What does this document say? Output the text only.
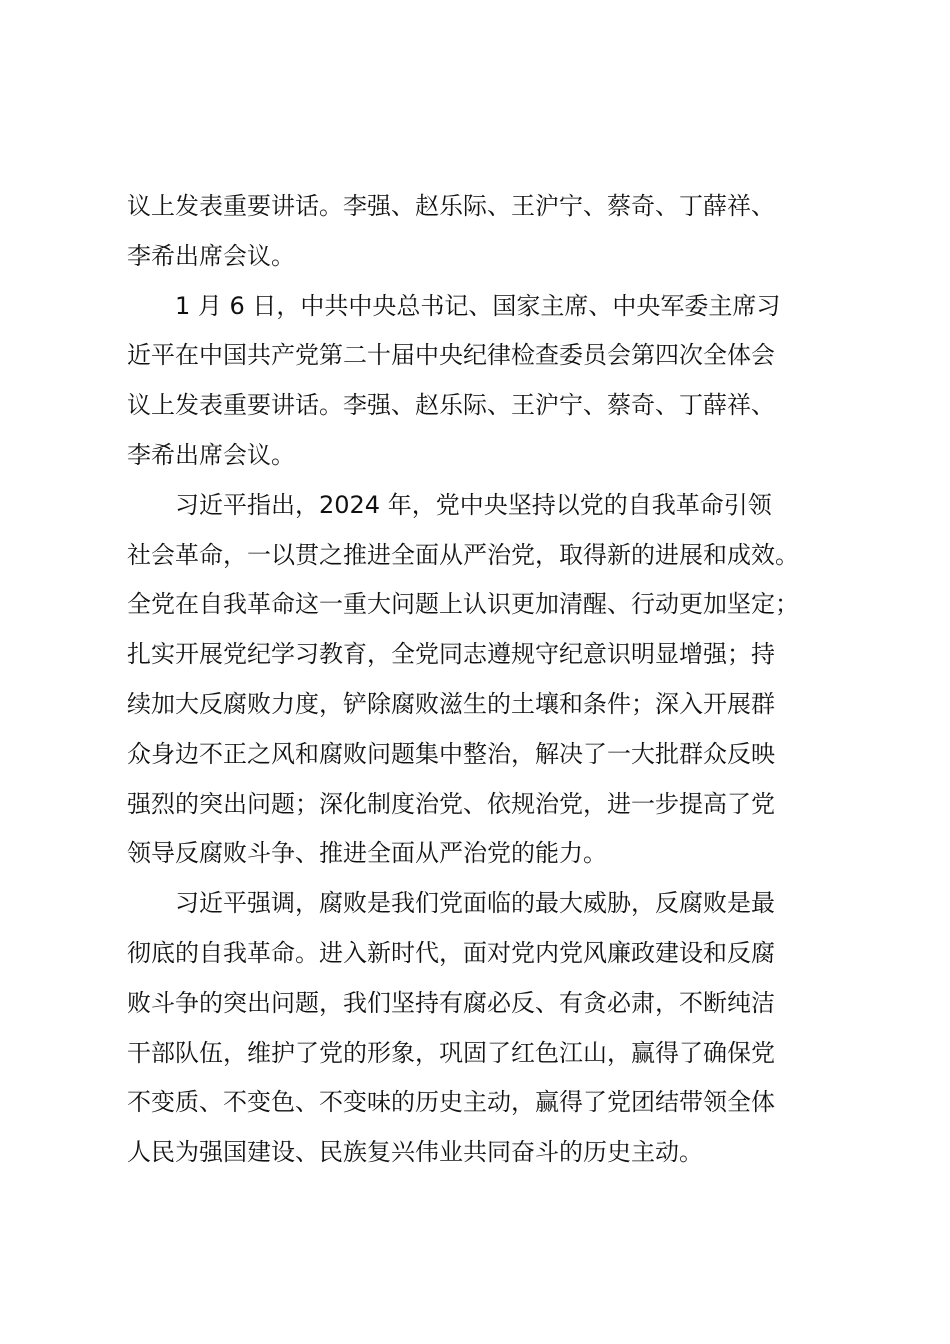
议上发表重要讲话。李强、赵乐际、王沪宁、蔡奇、丁薛祥、
李希出席会议。
　　1 月 6 日，中共中央总书记、国家主席、中央军委主席习
近平在中国共产党第二十届中央纪律检查委员会第四次全体会
议上发表重要讲话。李强、赵乐际、王沪宁、蔡奇、丁薛祥、
李希出席会议。
　　习近平指出，2024 年，党中央坚持以党的自我革命引领
社会革命，一以贯之推进全面从严治党，取得新的进展和成效。
全党在自我革命这一重大问题上认识更加清醒、行动更加坚定；
扎实开展党纪学习教育，全党同志遵规守纪意识明显增强；持
续加大反腐败力度，铲除腐败滋生的土壤和条件；深入开展群
众身边不正之风和腐败问题集中整治，解决了一大批群众反映
强烈的突出问题；深化制度治党、依规治党，进一步提高了党
领导反腐败斗争、推进全面从严治党的能力。
　　习近平强调，腐败是我们党面临的最大威胁，反腐败是最
彻底的自我革命。进入新时代，面对党内党风廉政建设和反腐
败斗争的突出问题，我们坚持有腐必反、有贪必肃，不断纯洁
干部队伍，维护了党的形象，巩固了红色江山，赢得了确保党
不变质、不变色、不变味的历史主动，赢得了党团结带领全体
人民为强国建设、民族复兴伟业共同奋斗的历史主动。
